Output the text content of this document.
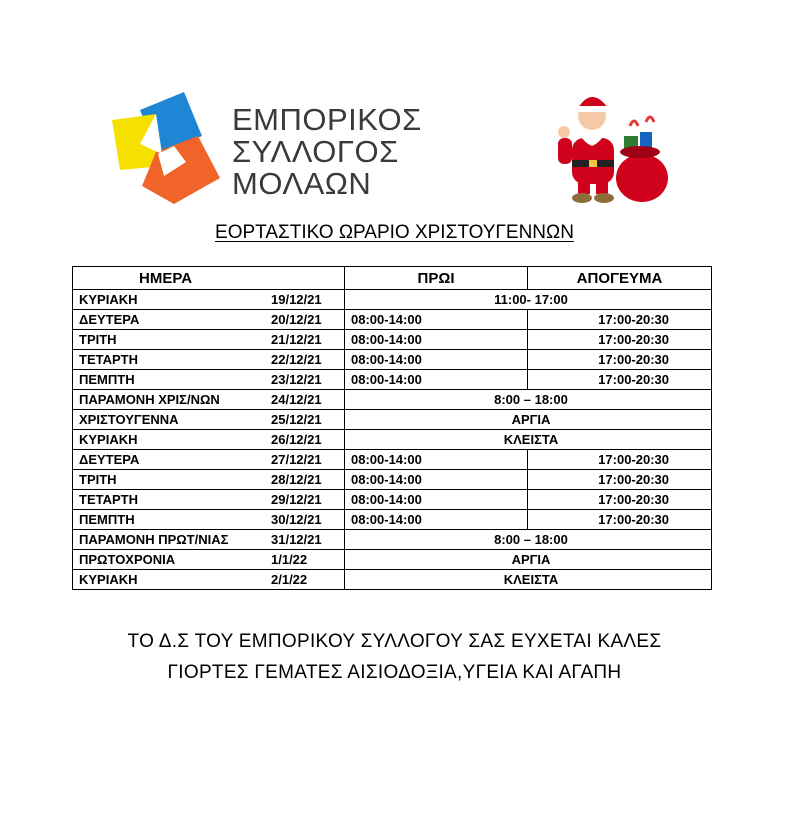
ΕΜΠΟΡΙΚΟΣ
ΣΥΛΛΟΓΟΣ
ΜΟΛΑΩΝ
ΕΟΡΤΑΣΤΙΚΟ ΩΡΑΡΙΟ ΧΡΙΣΤΟΥΓΕΝΝΩΝ
ΗΜΕΡΑ	ΠΡΩΙ	ΑΠΟΓΕΥΜΑ
ΚΥΡΙΑΚΗ 19/12/21	11:00- 17:00	
ΔΕΥΤΕΡΑ 20/12/21	08:00-14:00	17:00-20:30
ΤΡΙΤΗ 21/12/21	08:00-14:00	17:00-20:30
ΤΕΤΑΡΤΗ 22/12/21	08:00-14:00	17:00-20:30
ΠΕΜΠΤΗ 23/12/21	08:00-14:00	17:00-20:30
ΠΑΡΑΜΟΝΗ ΧΡΙΣ/ΝΩΝ 24/12/21	8:00 – 18:00	
ΧΡΙΣΤΟΥΓΕΝΝΑ 25/12/21	ΑΡΓΙΑ	
ΚΥΡΙΑΚΗ 26/12/21	ΚΛΕΙΣΤΑ	
ΔΕΥΤΕΡΑ 27/12/21	08:00-14:00	17:00-20:30
ΤΡΙΤΗ 28/12/21	08:00-14:00	17:00-20:30
ΤΕΤΑΡΤΗ 29/12/21	08:00-14:00	17:00-20:30
ΠΕΜΠΤΗ 30/12/21	08:00-14:00	17:00-20:30
ΠΑΡΑΜΟΝΗ ΠΡΩΤ/ΝΙΑΣ 31/12/21	8:00 – 18:00	
ΠΡΩΤΟΧΡΟΝΙΑ 1/1/22	ΑΡΓΙΑ	
ΚΥΡΙΑΚΗ 2/1/22	ΚΛΕΙΣΤΑ	
ΤΟ Δ.Σ ΤΟΥ ΕΜΠΟΡΙΚΟΥ ΣΥΛΛΟΓΟΥ ΣΑΣ ΕΥΧΕΤΑΙ ΚΑΛΕΣ
ΓΙΟΡΤΕΣ ΓΕΜΑΤΕΣ ΑΙΣΙΟΔΟΞΙΑ,ΥΓΕΙΑ ΚΑΙ ΑΓΑΠΗ
